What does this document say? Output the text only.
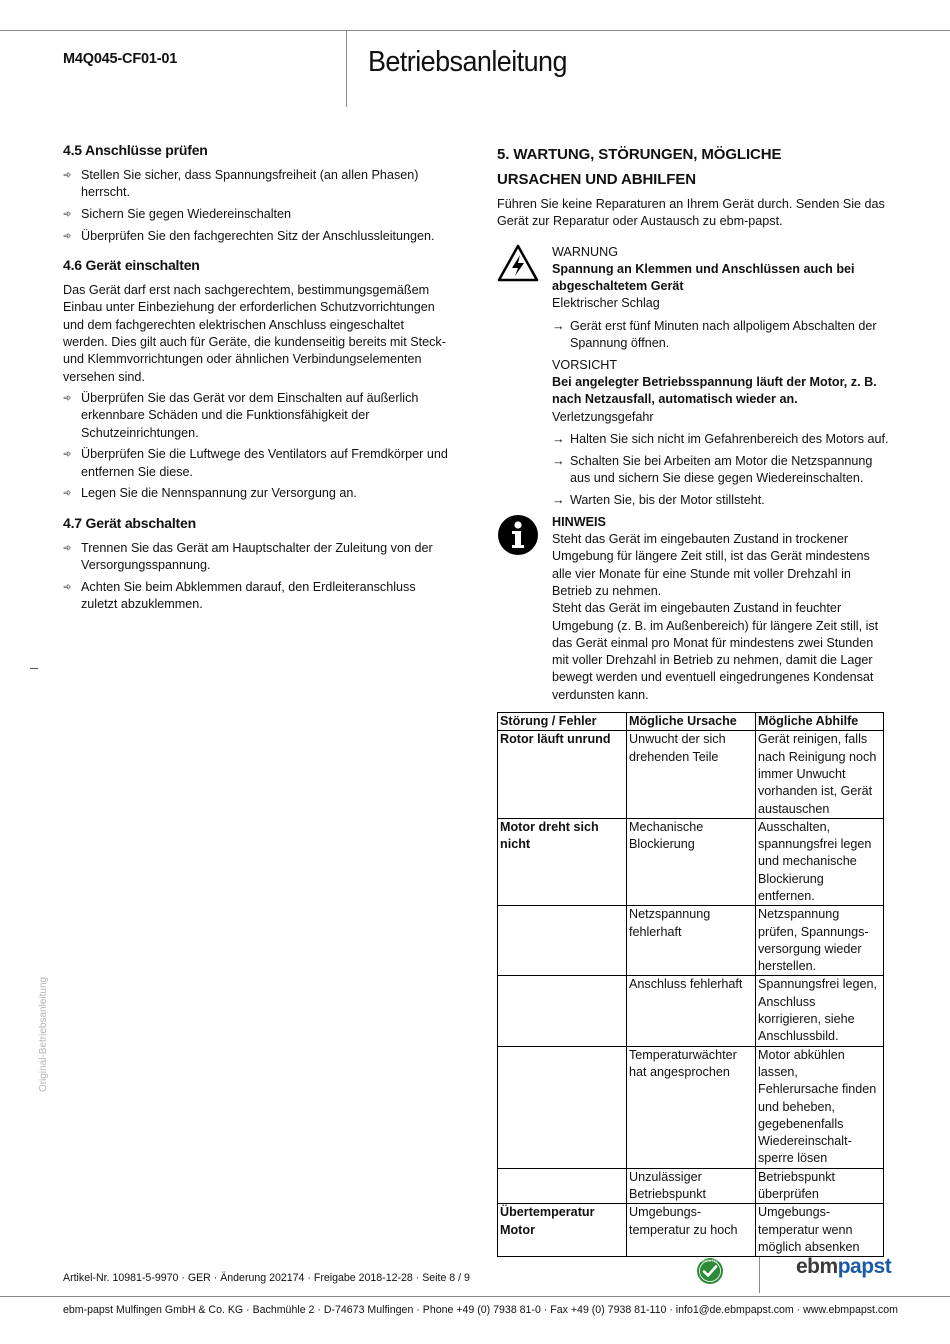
M4Q045-CF01-01	Betriebsanleitung
4.5 Anschlüsse prüfen
➾ Stellen Sie sicher, dass Spannungsfreiheit (an allen Phasen) herrscht.
➾ Sichern Sie gegen Wiedereinschalten
➾ Überprüfen Sie den fachgerechten Sitz der Anschlussleitungen.
4.6 Gerät einschalten

Das Gerät darf erst nach sachgerechtem, bestimmungsgemäßem Einbau unter Einbeziehung der erforderlichen Schutzvorrichtungen und dem fachgerechten elektrischen Anschluss eingeschaltet werden. Dies gilt auch für Geräte, die kundenseitig bereits mit Steck- und Klemmvorrichtungen oder ähnlichen Verbindungselementen versehen sind.

➾ Überprüfen Sie das Gerät vor dem Einschalten auf äußerlich erkennbare Schäden und die Funktionsfähigkeit der Schutzeinrichtungen.
➾ Überprüfen Sie die Luftwege des Ventilators auf Fremdkörper und entfernen Sie diese.
➾ Legen Sie die Nennspannung zur Versorgung an.
4.7 Gerät abschalten
➾ Trennen Sie das Gerät am Hauptschalter der Zuleitung von der Versorgungsspannung.
➾ Achten Sie beim Abklemmen darauf, den Erdleiteranschluss zuletzt abzuklemmen.
5. WARTUNG, STÖRUNGEN, MÖGLICHE
URSACHEN UND ABHILFEN

Führen Sie keine Reparaturen an Ihrem Gerät durch. Senden Sie das Gerät zur Reparatur oder Austausch zu ebm-papst.

WARNUNG
Spannung an Klemmen und Anschlüssen auch bei abgeschaltetem Gerät
Elektrischer Schlag
→ Gerät erst fünf Minuten nach allpoligem Abschalten der Spannung öffnen.
VORSICHT
Bei angelegter Betriebsspannung läuft der Motor, z. B. nach Netzausfall, automatisch wieder an.
Verletzungsgefahr
→ Halten Sie sich nicht im Gefahrenbereich des Motors auf.
→ Schalten Sie bei Arbeiten am Motor die Netzspannung aus und sichern Sie diese gegen Wiedereinschalten.
→ Warten Sie, bis der Motor stillsteht.
HINWEIS

Steht das Gerät im eingebauten Zustand in trockener Umgebung für längere Zeit still, ist das Gerät mindestens alle vier Monate für eine Stunde mit voller Drehzahl in Betrieb zu nehmen.

Steht das Gerät im eingebauten Zustand in feuchter Umgebung (z. B. im Außenbereich) für längere Zeit still, ist das Gerät einmal pro Monat für mindestens zwei Stunden mit voller Drehzahl in Betrieb zu nehmen, damit die Lager bewegt werden und eventuell eingedrungenes Kondensat verdunsten kann.

Störung / Fehler	Mögliche Ursache	Mögliche Abhilfe
Rotor läuft unrund	Unwucht der sich drehenden Teile	Gerät reinigen, falls nach Reinigung noch immer Unwucht vorhanden ist, Gerät austauschen
Motor dreht sich nicht	Mechanische Blockierung	Ausschalten, spannungsfrei legen und mechanische Blockierung entfernen.
	Netzspannung fehlerhaft	Netzspannung prüfen, Spannungs-versorgung wieder herstellen.
	Anschluss fehlerhaft	Spannungsfrei legen, Anschluss korrigieren, siehe Anschlussbild.
	Temperaturwächter hat angesprochen	Motor abkühlen lassen, Fehlerursache finden und beheben, gegebenenfalls Wiedereinschalt-sperre lösen
	Unzulässiger Betriebspunkt	Betriebspunkt überprüfen
Übertemperatur Motor	Umgebungs-temperatur zu hoch	Umgebungs-temperatur wenn möglich absenken
Original-Betriebsanleitung
Artikel-Nr. 10981-5-9970 · GER · Änderung 202174 · Freigabe 2018-12-28 · Seite 8 / 9
GREEN TECH	ebmpapst
ebm-papst Mulfingen GmbH & Co. KG · Bachmühle 2 · D-74673 Mulfingen · Phone +49 (0) 7938 81-0 · Fax +49 (0) 7938 81-110 · info1@de.ebmpapst.com · www.ebmpapst.com
